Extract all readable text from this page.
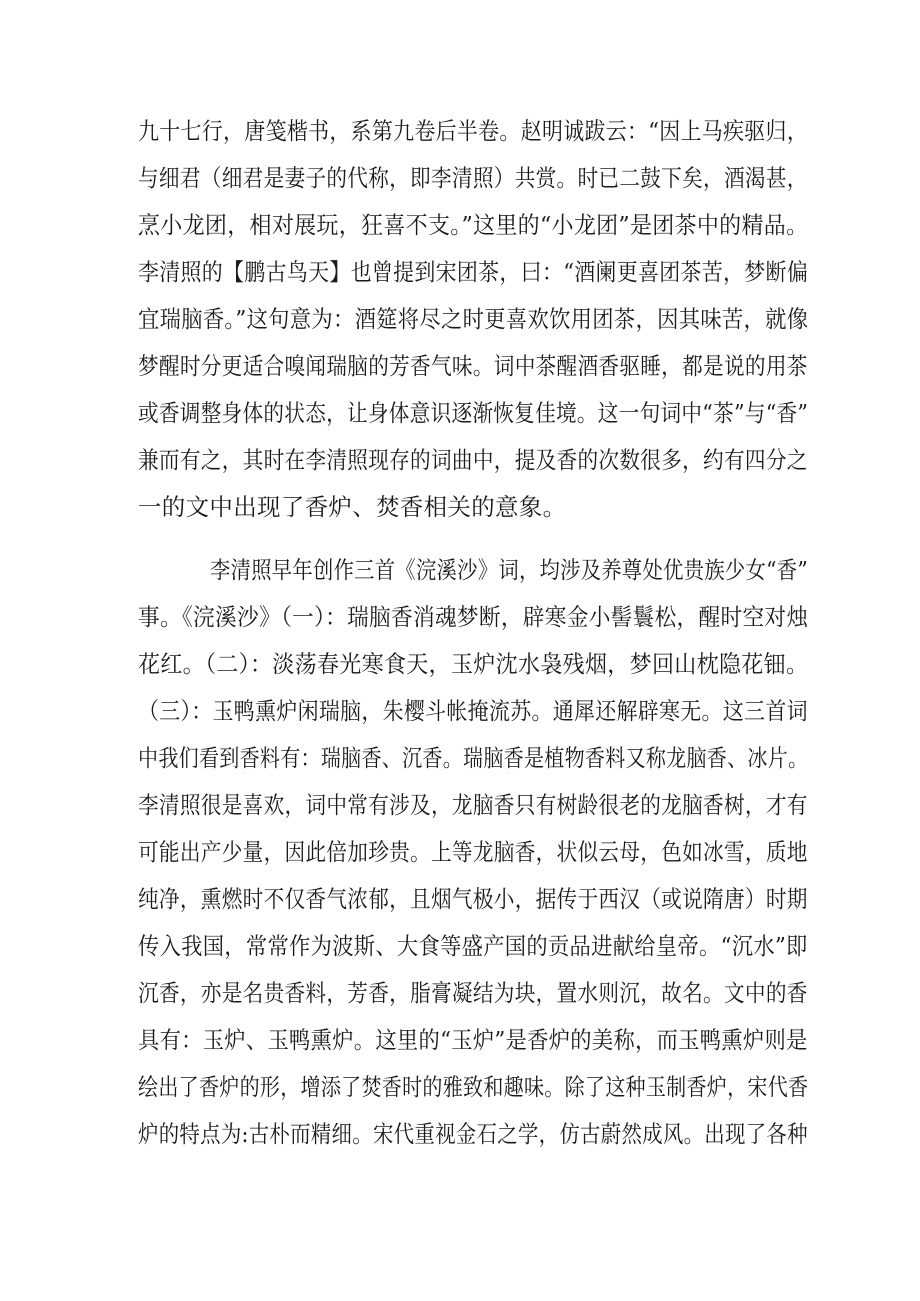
九十七行，唐笺楷书，系第九卷后半卷。赵明诚跋云：“因上马疾驱归，
与细君（细君是妻子的代称，即李清照）共赏。时已二鼓下矣，酒渴甚，
烹小龙团，相对展玩，狂喜不支。”这里的“小龙团”是团茶中的精品。
李清照的【鹏古鸟天】也曾提到宋团茶，曰：“酒阑更喜团茶苦，梦断偏
宜瑞脑香。”这句意为：酒筵将尽之时更喜欢饮用团茶，因其味苦，就像
梦醒时分更适合嗅闻瑞脑的芳香气味。词中茶醒酒香驱睡，都是说的用茶
或香调整身体的状态，让身体意识逐渐恢复佳境。这一句词中“茶”与“香”
兼而有之，其时在李清照现存的词曲中，提及香的次数很多，约有四分之
一的文中出现了香炉、焚香相关的意象。
李清照早年创作三首《浣溪沙》词，均涉及养尊处优贵族少女“香”
事。《浣溪沙》（一）：瑞脑香消魂梦断，辟寒金小髻鬟松，醒时空对烛
花红。（二）：淡荡春光寒食天，玉炉沈水袅残烟，梦回山枕隐花钿。
（三）：玉鸭熏炉闲瑞脑，朱樱斗帐掩流苏。通犀还解辟寒无。这三首词
中我们看到香料有：瑞脑香、沉香。瑞脑香是植物香料又称龙脑香、冰片。
李清照很是喜欢，词中常有涉及，龙脑香只有树龄很老的龙脑香树，才有
可能出产少量，因此倍加珍贵。上等龙脑香，状似云母，色如冰雪，质地
纯净，熏燃时不仅香气浓郁，且烟气极小，据传于西汉（或说隋唐）时期
传入我国，常常作为波斯、大食等盛产国的贡品进献给皇帝。“沉水”即
沉香，亦是名贵香料，芳香，脂膏凝结为块，置水则沉，故名。文中的香
具有：玉炉、玉鸭熏炉。这里的“玉炉”是香炉的美称，而玉鸭熏炉则是
绘出了香炉的形，增添了焚香时的雅致和趣味。除了这种玉制香炉，宋代香
炉的特点为:古朴而精细。宋代重视金石之学，仿古蔚然成风。出现了各种
